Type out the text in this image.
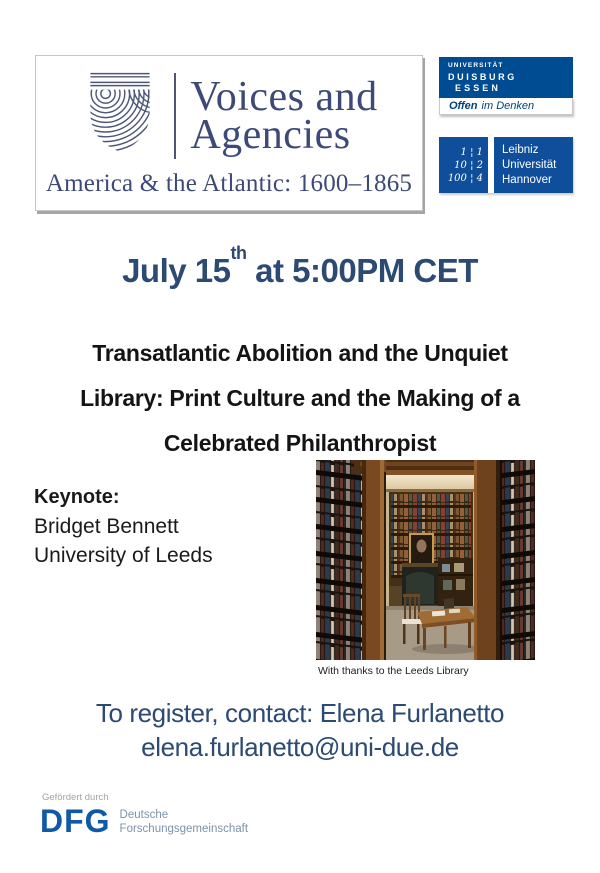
Voices and
Agencies
America & the Atlantic: 1600–1865
UNIVERSITÄT
DUISBURG
ESSEN
Offen im Denken
1 ¦ 1
10 ¦ 2
100 ¦ 4
Leibniz
Universität
Hannover
July 15th at 5:00PM CET
Transatlantic Abolition and the Unquiet
Library: Print Culture and the Making of a
Celebrated Philanthropist
Keynote:
Bridget Bennett
University of Leeds
With thanks to the Leeds Library
To register, contact: Elena Furlanetto
elena.furlanetto@uni-due.de
Gefördert durch
DFG Deutsche
Forschungsgemeinschaft
